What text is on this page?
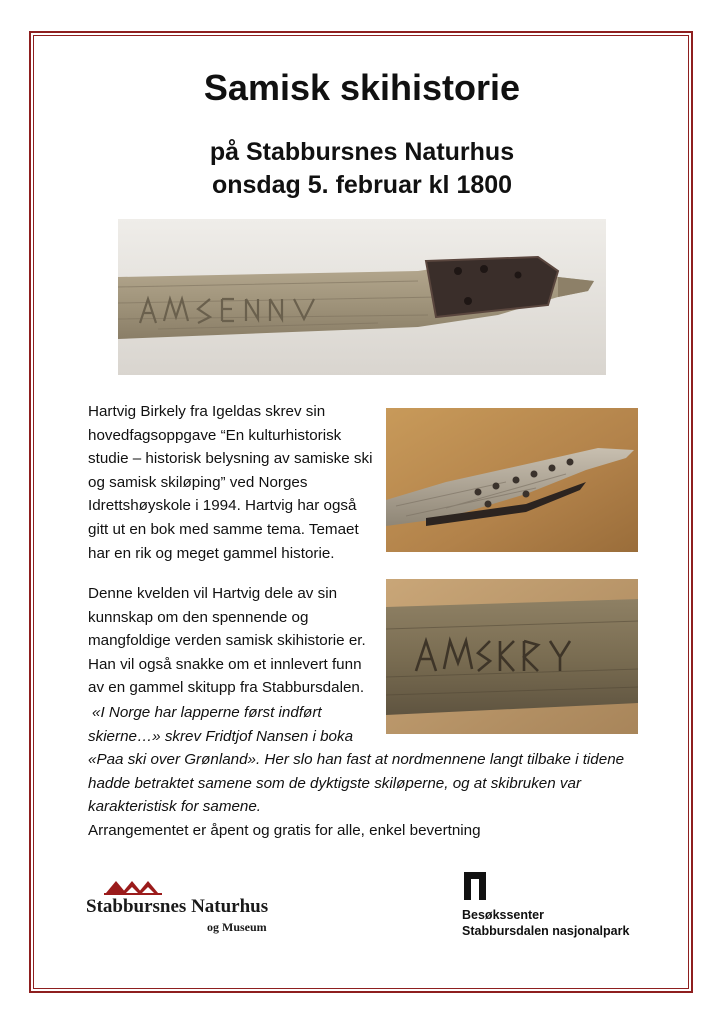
Samisk skihistorie
på Stabbursnes Naturhus
onsdag 5. februar kl 1800

Hartvig Birkely fra Igeldas skrev sin hovedfagsoppgave “En kulturhistorisk studie – historisk belysning av samiske ski og samisk skiløping” ved Norges Idrettshøyskole i 1994. Hartvig har også gitt ut en bok med samme tema. Temaet har en rik og meget gammel historie.

Denne kvelden vil Hartvig dele av sin kunnskap om den spennende og mangfoldige verden samisk skihistorie er. Han vil også snakke om et innlevert funn av en gammel skitupp fra Stabbursdalen.

«I Norge har lapperne først indført
skierne…» skrev Fridtjof Nansen i boka
«Paa ski over Grønland». Her slo han fast at nordmennene langt tilbake i tidene
hadde betraktet samene som de dyktigste skiløperne, og at skibruken var
karakteristisk for samene.
Arrangementet er åpent og gratis for alle, enkel bevertning
Stabbursnes Naturhus
og Museum
Besøkssenter
Stabbursdalen nasjonalpark
